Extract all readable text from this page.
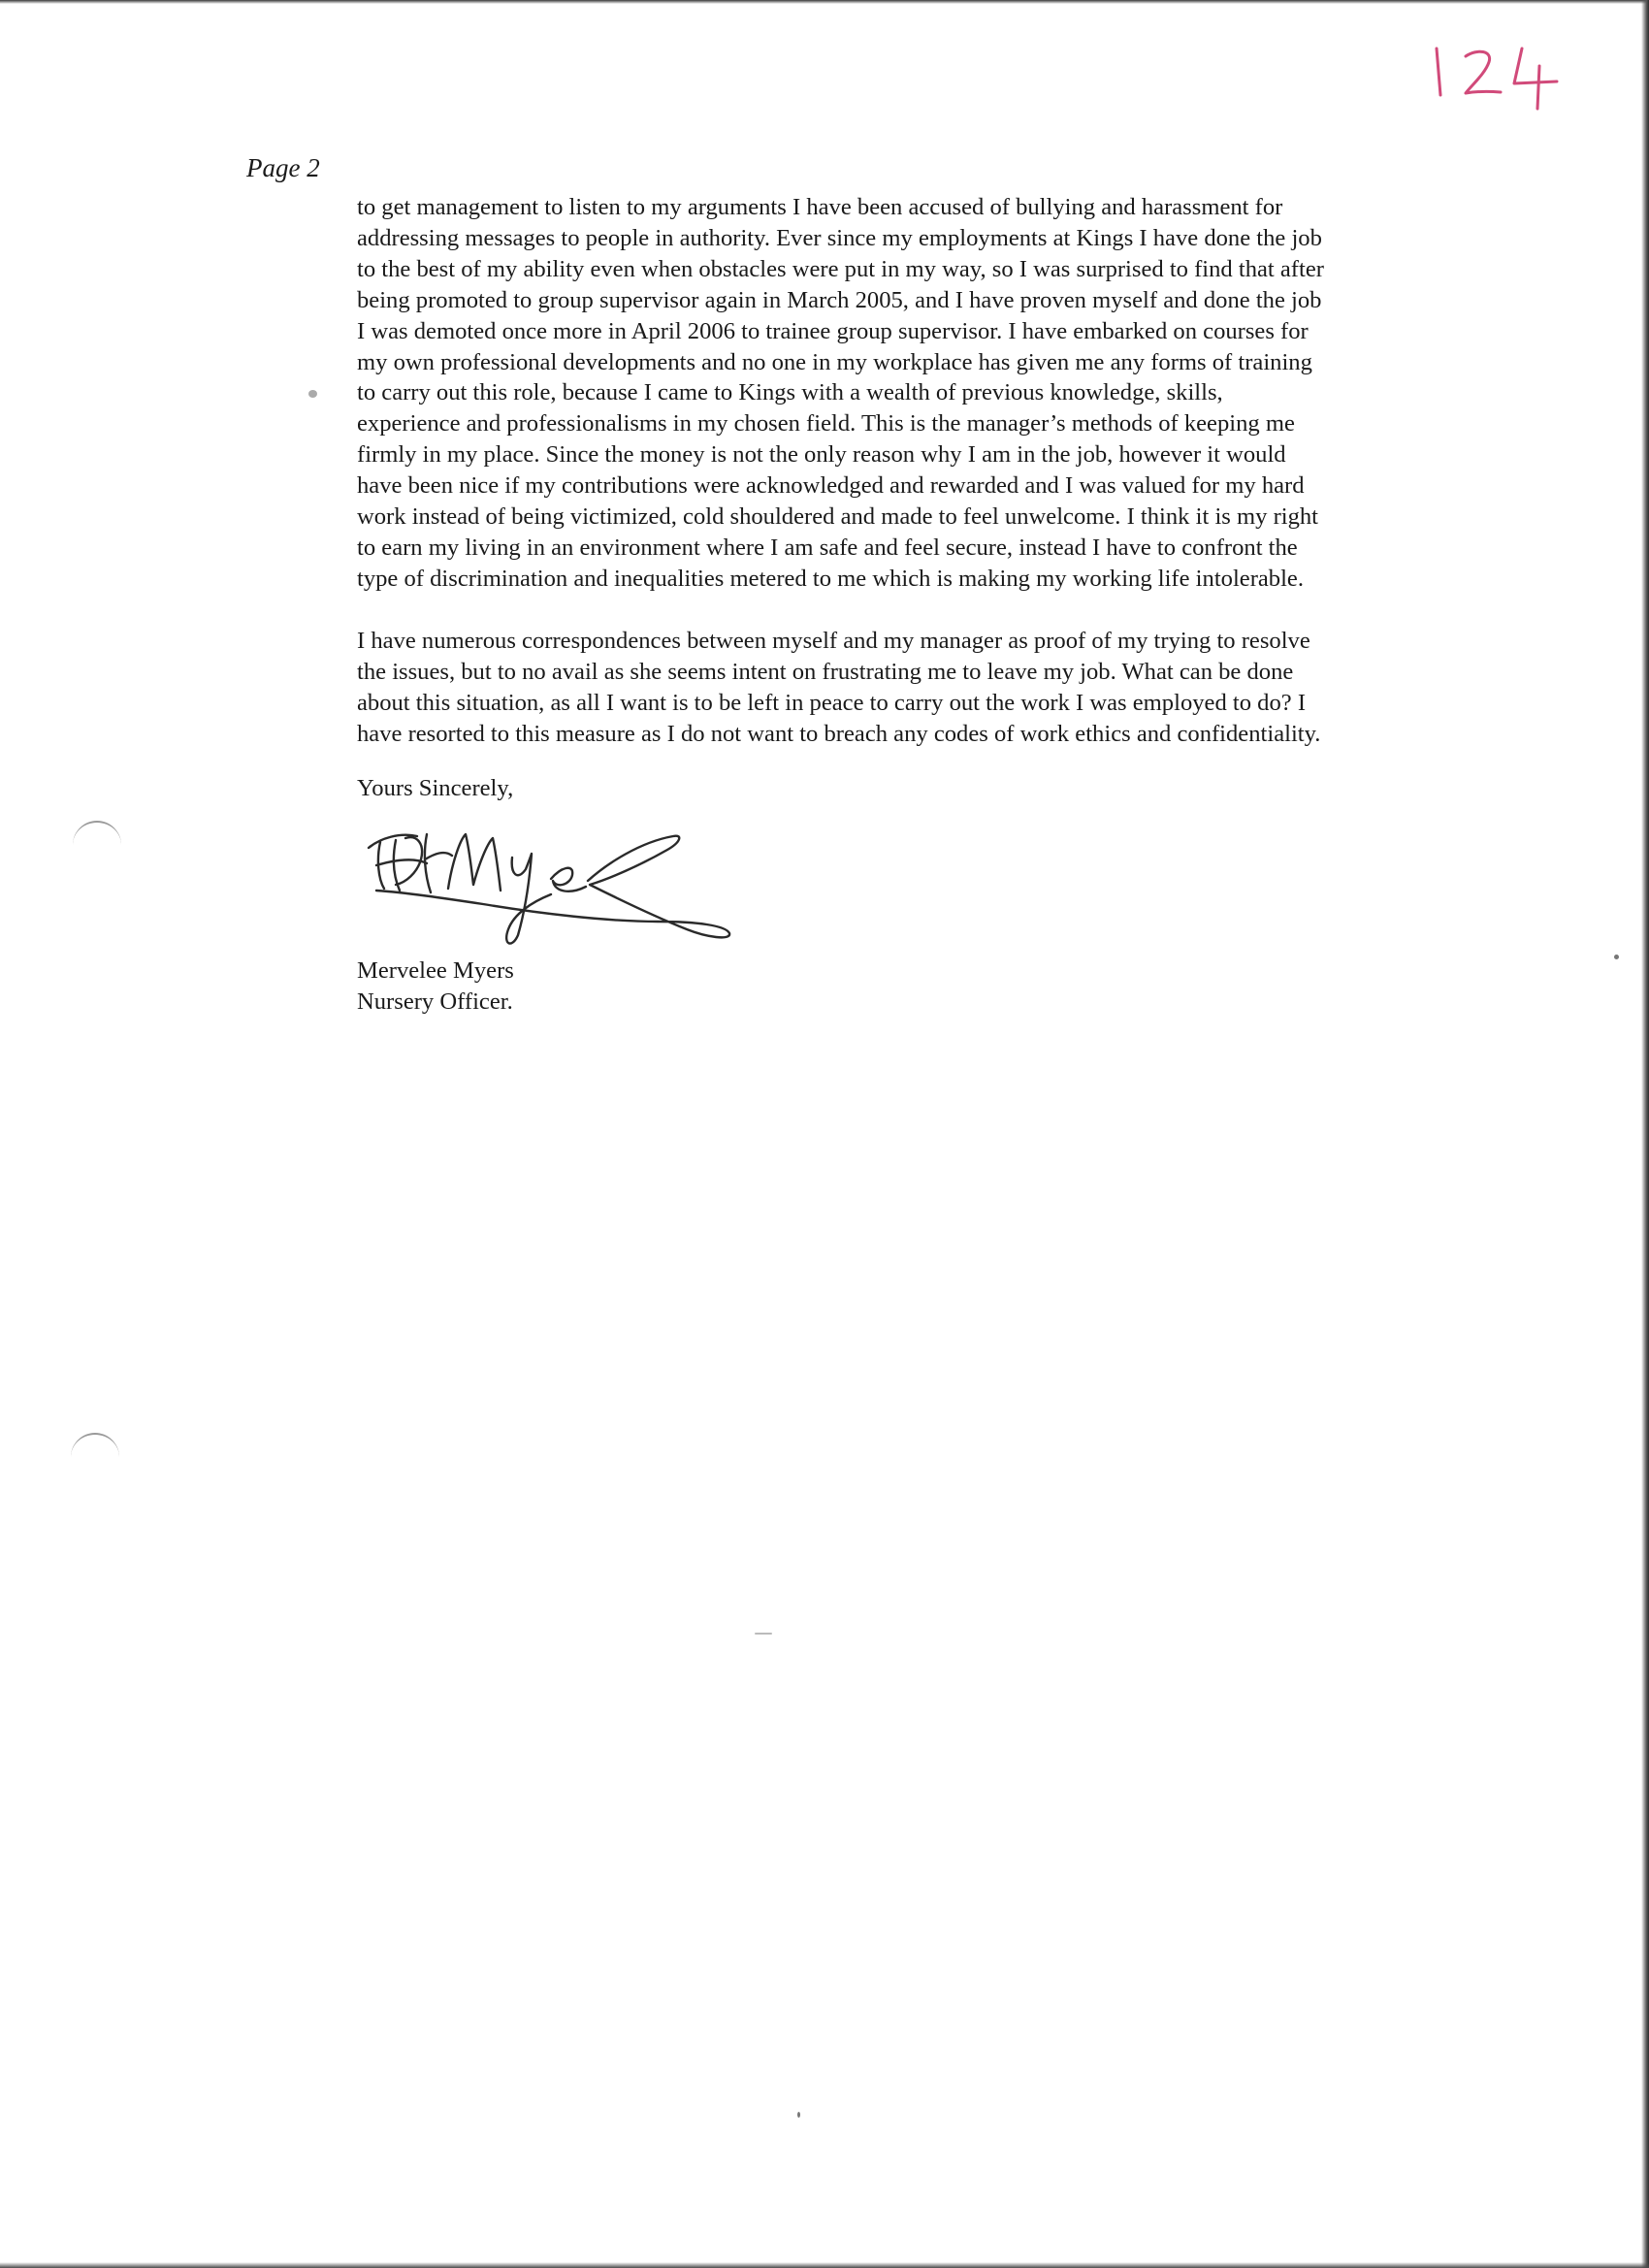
Page 2

to get management to listen to my arguments I have been accused of bullying and harassment for
addressing messages to people in authority. Ever since my employments at Kings I have done the job
to the best of my ability even when obstacles were put in my way, so I was surprised to find that after
being promoted to group supervisor again in March 2005, and I have proven myself and done the job
I was demoted once more in April 2006 to trainee group supervisor. I have embarked on courses for
my own professional developments and no one in my workplace has given me any forms of training
to carry out this role, because I came to Kings with a wealth of previous knowledge, skills,
experience and professionalisms in my chosen field. This is the manager’s methods of keeping me
firmly in my place. Since the money is not the only reason why I am in the job, however it would
have been nice if my contributions were acknowledged and rewarded and I was valued for my hard
work instead of being victimized, cold shouldered and made to feel unwelcome. I think it is my right
to earn my living in an environment where I am safe and feel secure, instead I have to confront the
type of discrimination and inequalities metered to me which is making my working life intolerable.

I have numerous correspondences between myself and my manager as proof of my trying to resolve
the issues, but to no avail as she seems intent on frustrating me to leave my job. What can be done
about this situation, as all I want is to be left in peace to carry out the work I was employed to do? I
have resorted to this measure as I do not want to breach any codes of work ethics and confidentiality.

Yours Sincerely,
Mervelee Myers
Nursery Officer.
